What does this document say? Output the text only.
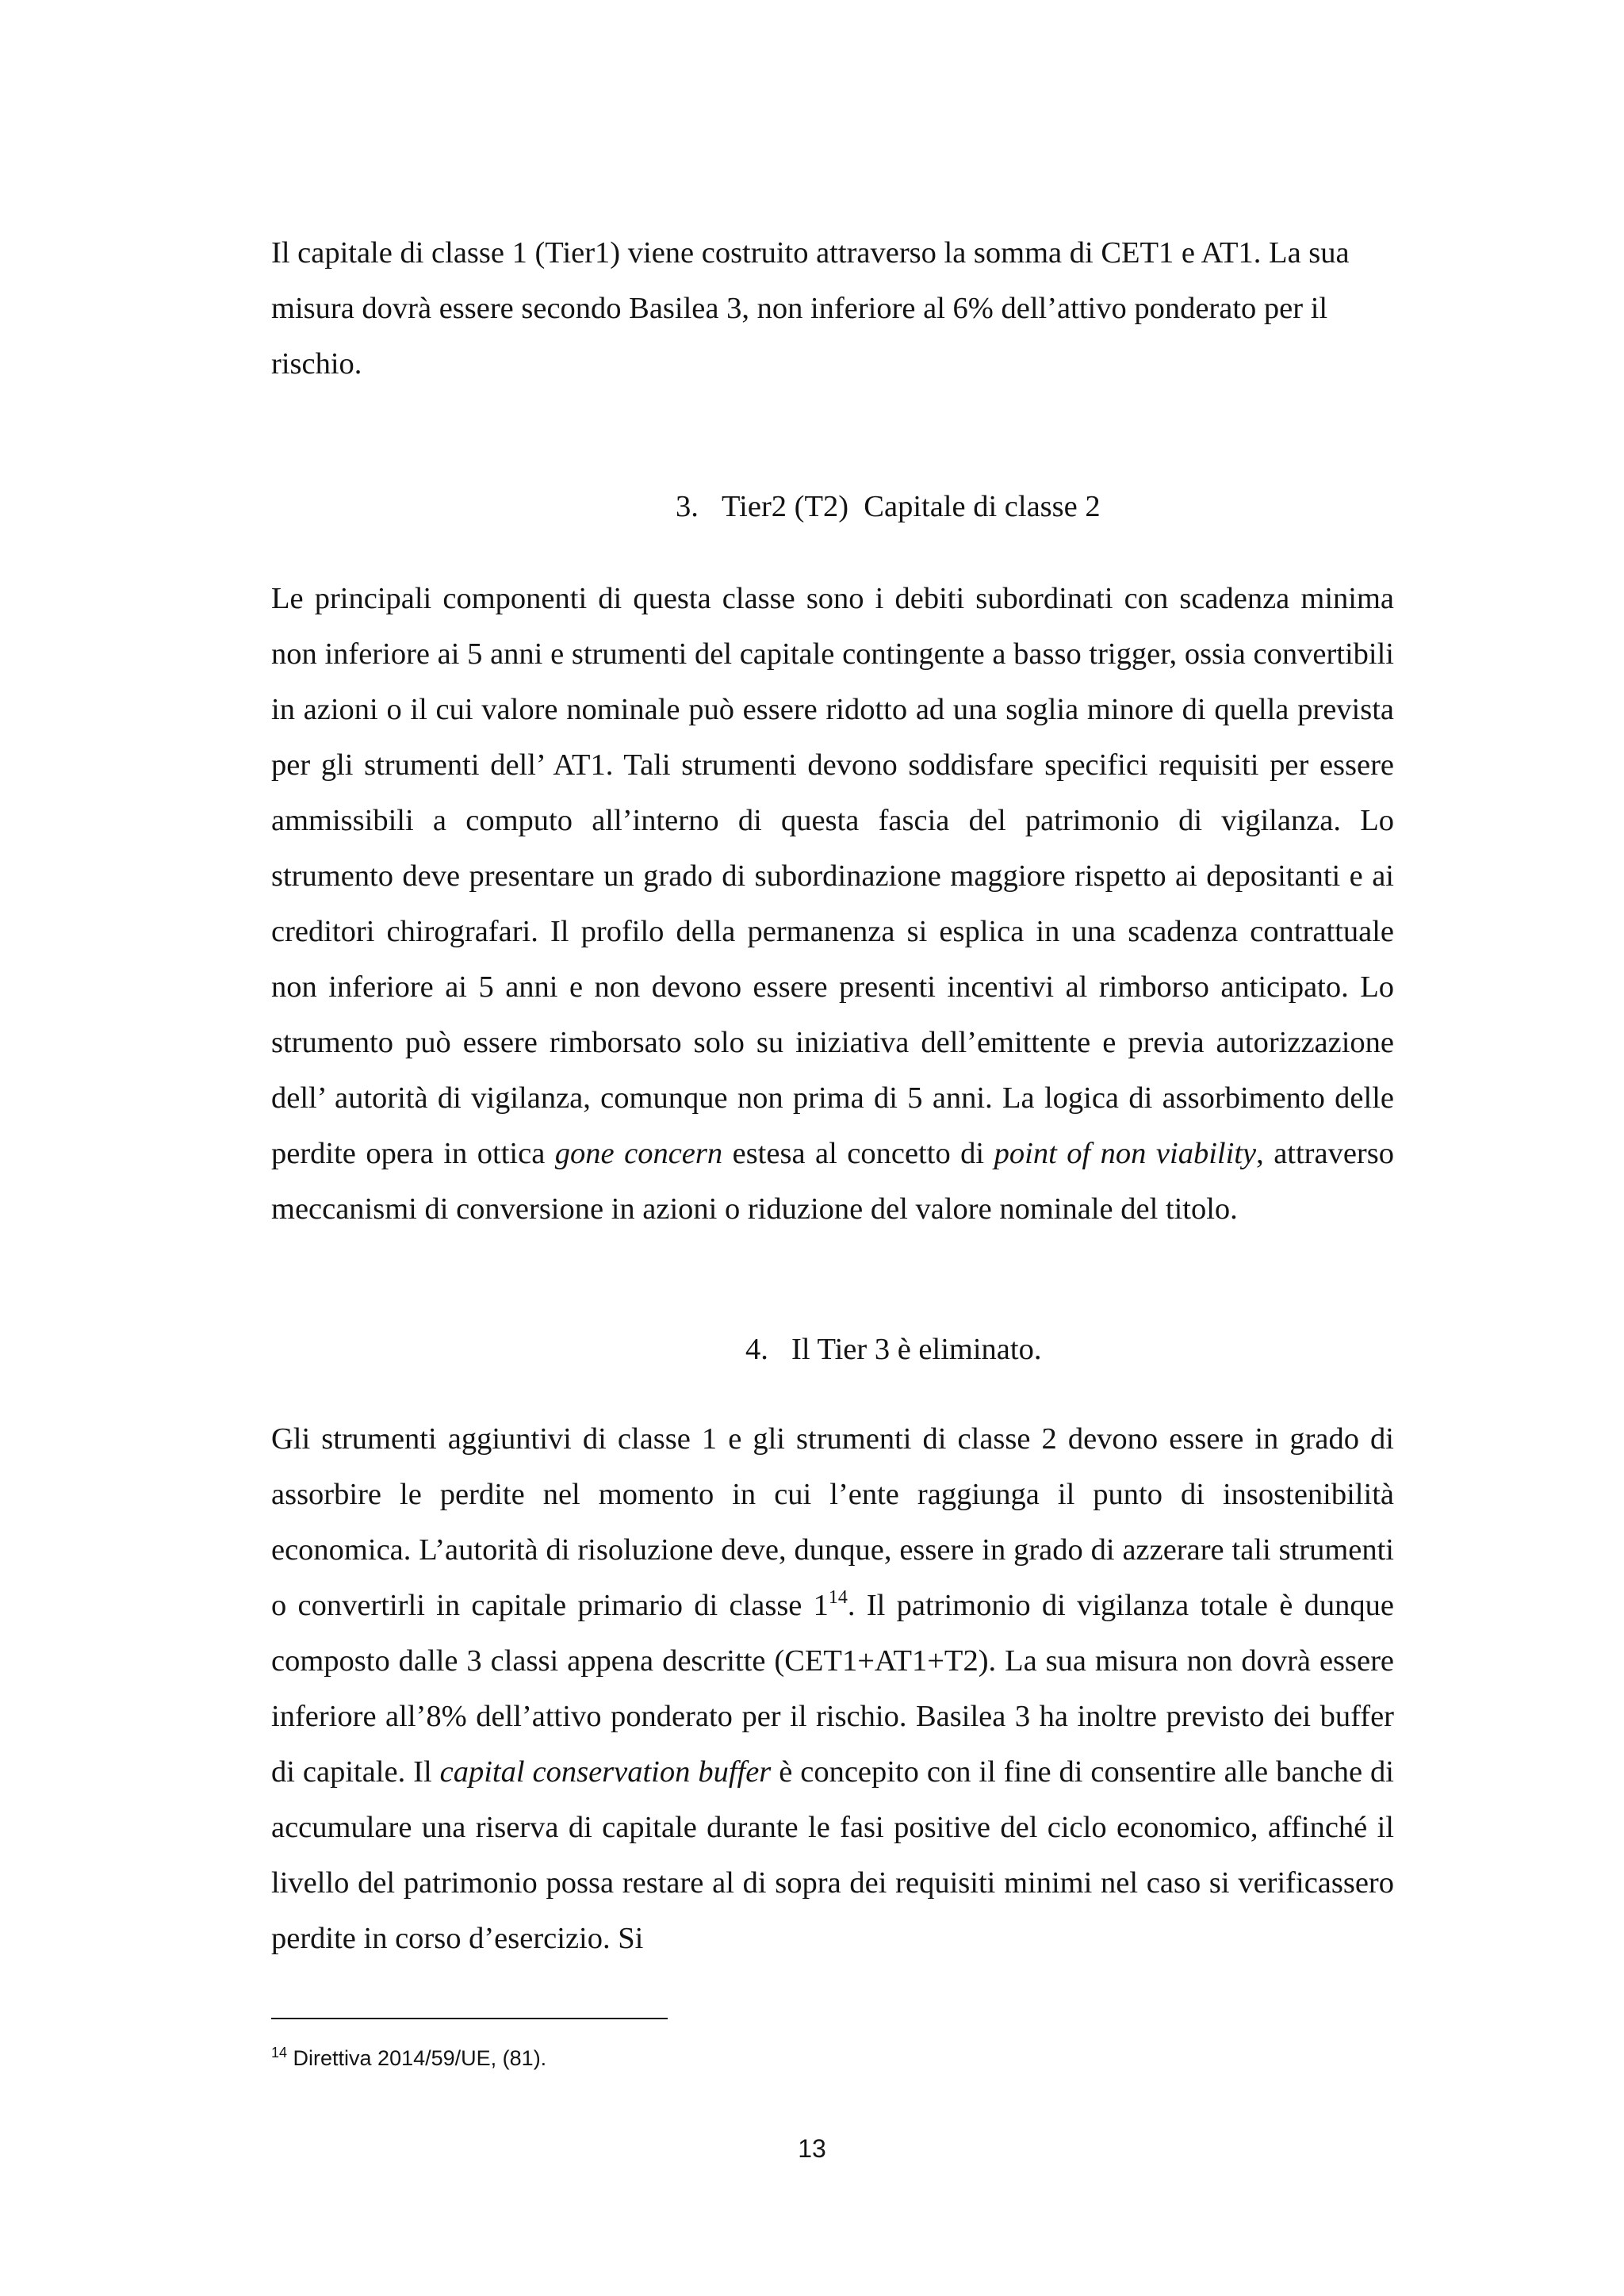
Il capitale di classe 1 (Tier1) viene costruito attraverso la somma di CET1 e AT1. La sua misura dovrà essere secondo Basilea 3, non inferiore al 6% dell’attivo ponderato per il rischio.

3. Tier2 (T2)  Capitale di classe 2

Le principali componenti di questa classe sono i debiti subordinati con scadenza minima non inferiore ai 5 anni e strumenti del capitale contingente a basso trigger, ossia convertibili in azioni o il cui valore nominale può essere ridotto ad una soglia minore di quella prevista per gli strumenti dell’ AT1. Tali strumenti devono soddisfare specifici requisiti per essere ammissibili a computo all’interno di questa fascia del patrimonio di vigilanza. Lo strumento deve presentare un grado di subordinazione maggiore rispetto ai depositanti e ai creditori chirografari. Il profilo della permanenza si esplica in una scadenza contrattuale non inferiore ai 5 anni e non devono essere presenti incentivi al rimborso anticipato. Lo strumento può essere rimborsato solo su iniziativa dell’emittente e previa autorizzazione dell’ autorità di vigilanza, comunque non prima di 5 anni. La logica di assorbimento delle perdite opera in ottica gone concern estesa al concetto di point of non viability, attraverso meccanismi di conversione in azioni o riduzione del valore nominale del titolo.

4. Il Tier 3 è eliminato.

Gli strumenti aggiuntivi di classe 1 e gli strumenti di classe 2 devono essere in grado di assorbire le perdite nel momento in cui l’ente raggiunga il punto di insostenibilità economica. L’autorità di risoluzione deve, dunque, essere in grado di azzerare tali strumenti o convertirli in capitale primario di classe $1^{14}$. Il patrimonio di vigilanza totale è dunque composto dalle 3 classi appena descritte (CET1+AT1+T2). La sua misura non dovrà essere inferiore all’8% dell’attivo ponderato per il rischio. Basilea 3 ha inoltre previsto dei buffer di capitale. Il capital conservation buffer è concepito con il fine di consentire alle banche di accumulare una riserva di capitale durante le fasi positive del ciclo economico, affinché il livello del patrimonio possa restare al di sopra dei requisiti minimi nel caso si verificassero perdite in corso d’esercizio. Si

$^{14}$ Direttiva 2014/59/UE, (81).

13
